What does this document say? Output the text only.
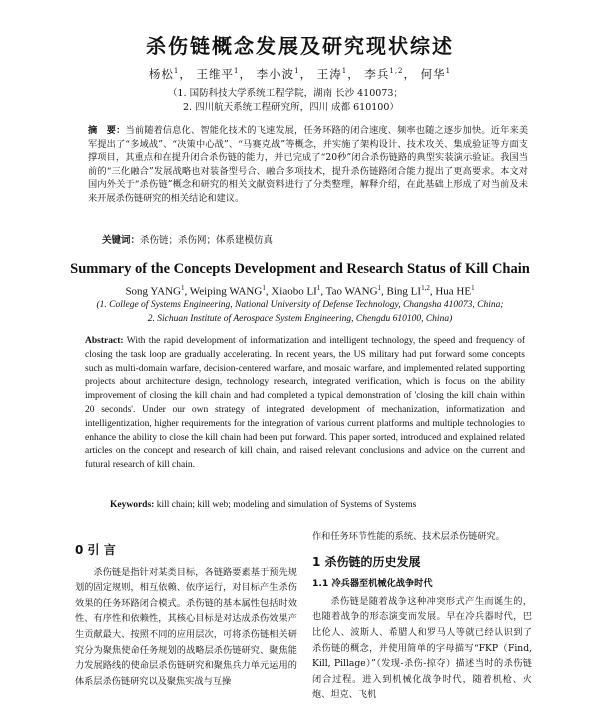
杀伤链概念发展及研究现状综述
杨松$^1$， 王维平$^1$， 李小波$^1$， 王涛$^1$， 李兵$^{1,2}$， 何华$^1$
（1. 国防科技大学系统工程学院，湖南 长沙 410073；
2. 四川航天系统工程研究所，四川 成都 610100）
摘　要：当前随着信息化、智能化技术的飞速发展，任务环路的闭合速度、频率也随之逐步加快。近年来美军提出了“多域战”、“决策中心战”、“马赛克战”等概念，并实施了架构设计、技术攻关、集成验证等方面支撑项目，其重点和在提升闭合杀伤链的能力，并已完成了“20秒”闭合杀伤链路的典型实装演示验证。我国当前的“三化融合”发展战略也对装备型号合、融合多项技术，提升杀伤链路闭合能力提出了更高要求。本文对国内外关于“杀伤链”概念和研究的相关文献资料进行了分类整理，解释介绍，在此基础上形成了对当前及未来开展杀伤链研究的相关结论和建议。
关键词：杀伤链；杀伤网；体系建模仿真
Summary of the Concepts Development and Research Status of Kill Chain
Song YANG$^1$, Weiping WANG$^1$, Xiaobo $LI^1$, Tao WANG$^1$, Bing LI$^{1,2}$, Hua $HE^1$
(1. College of Systems Engineering, National University of Defense Technology, Changsha 410073, China;
2. Sichuan Institute of Aerospace System Engineering, Chengdu 610100, China)
Abstract: With the rapid development of informatization and intelligent technology, the speed and frequency of closing the task loop are gradually accelerating. In recent years, the US military had put forward some concepts such as multi-domain warfare, decision-centered warfare, and mosaic warfare, and implemented related supporting projects about architecture design, technology research, integrated verification, which is focus on the ability improvement of closing the kill chain and had completed a typical demonstration of 'closing the kill chain within 20 seconds'. Under our own strategy of integrated development of mechanization, informatization and intelligentization, higher requirements for the integration of various current platforms and multiple technologies to enhance the ability to close the kill chain had been put forward. This paper sorted, introduced and explained related articles on the concept and research of kill chain, and raised relevant conclusions and advice on the current and futural research of kill chain.
Keywords: kill chain; kill web; modeling and simulation of Systems of Systems
0 引 言
杀伤链是指针对某类目标，各链路要素基于预先规划的固定规则，相互依赖、依序运行，对目标产生杀伤效果的任务环路闭合模式。杀伤链的基本属性包括时效性、有序性和依赖性，其核心目标是对达成杀伤效果产生贡献最大、按照不同的应用层次，可将杀伤链相关研究分为聚焦使命任务规划的战略层杀伤链研究、聚焦能力发展路线的使命层杀伤链研究和聚焦兵力单元运用的体系层杀伤链研究以及聚焦实战与互操
作和任务环节性能的系统、技术层杀伤链研究。
1 杀伤链的历史发展
1.1 冷兵器至机械化战争时代
杀伤链是随着战争这种冲突形式产生而诞生的，也随着战争的形态演变而发展。早在冷兵器时代，巴比伦人、波斯人、希腊人和罗马人等就已经认识到了杀伤链的概念，并使用简单的字母描写“FKP（Find, Kill, Pillage）”（发现-杀伤-掠夺）描述当时的杀伤链闭合过程。进入到机械化战争时代，随着机枪、火炮、坦克、飞机
